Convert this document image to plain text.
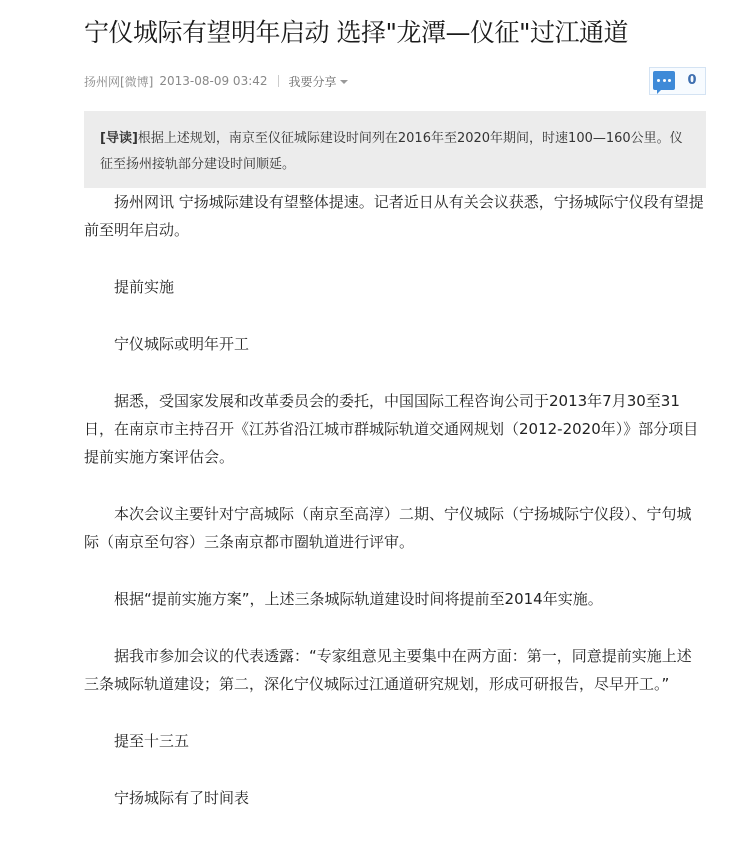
宁仪城际有望明年启动 选择"龙潭—仪征"过江通道
扬州网[微博] 2013-08-09 03:42 我要分享	0
[导读]根据上述规划，南京至仪征城际建设时间列在2016年至2020年期间，时速100—160公里。仪征至扬州接轨部分建设时间顺延。

扬州网讯 宁扬城际建设有望整体提速。记者近日从有关会议获悉，宁扬城际宁仪段有望提前至明年启动。

提前实施

宁仪城际或明年开工

据悉，受国家发展和改革委员会的委托，中国国际工程咨询公司于2013年7月30至31日，在南京市主持召开《江苏省沿江城市群城际轨道交通网规划（2012-2020年）》部分项目提前实施方案评估会。

本次会议主要针对宁高城际（南京至高淳）二期、宁仪城际（宁扬城际宁仪段）、宁句城际（南京至句容）三条南京都市圈轨道进行评审。

根据“提前实施方案”，上述三条城际轨道建设时间将提前至2014年实施。

据我市参加会议的代表透露：“专家组意见主要集中在两方面：第一，同意提前实施上述三条城际轨道建设；第二，深化宁仪城际过江通道研究规划，形成可研报告，尽早开工。”

提至十三五

宁扬城际有了时间表
